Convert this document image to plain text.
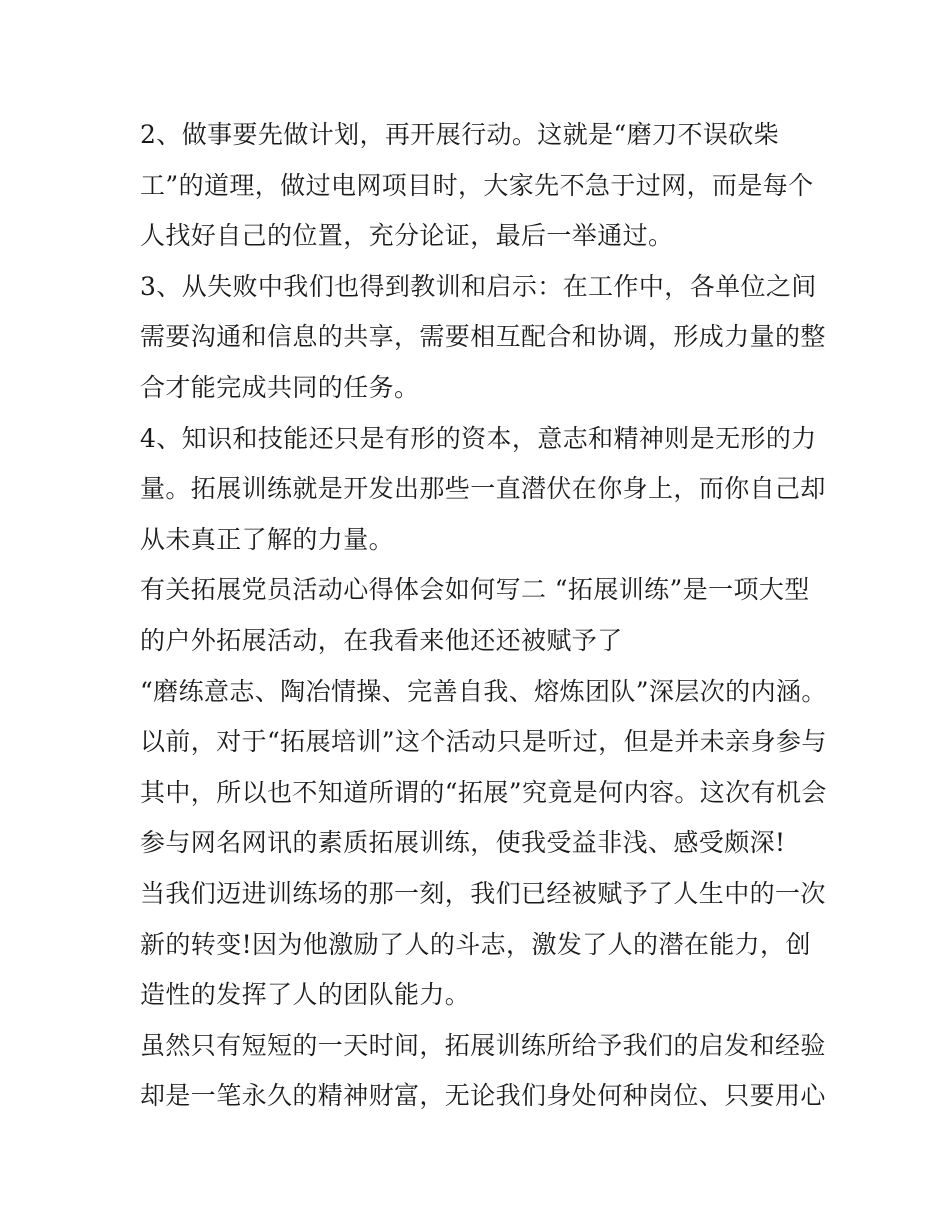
2、做事要先做计划，再开展行动。这就是“磨刀不误砍柴
工”的道理，做过电网项目时，大家先不急于过网，而是每个
人找好自己的位置，充分论证，最后一举通过。
3、从失败中我们也得到教训和启示：在工作中，各单位之间
需要沟通和信息的共享，需要相互配合和协调，形成力量的整
合才能完成共同的任务。
4、知识和技能还只是有形的资本，意志和精神则是无形的力
量。拓展训练就是开发出那些一直潜伏在你身上，而你自己却
从未真正了解的力量。
有关拓展党员活动心得体会如何写二 “拓展训练”是一项大型
的户外拓展活动，在我看来他还还被赋予了
“磨练意志、陶冶情操、完善自我、熔炼团队”深层次的内涵。
以前，对于“拓展培训”这个活动只是听过，但是并未亲身参与
其中，所以也不知道所谓的“拓展”究竟是何内容。这次有机会
参与网名网讯的素质拓展训练，使我受益非浅、感受颇深!
当我们迈进训练场的那一刻，我们已经被赋予了人生中的一次
新的转变!因为他激励了人的斗志，激发了人的潜在能力，创
造性的发挥了人的团队能力。
虽然只有短短的一天时间，拓展训练所给予我们的启发和经验
却是一笔永久的精神财富，无论我们身处何种岗位、只要用心
